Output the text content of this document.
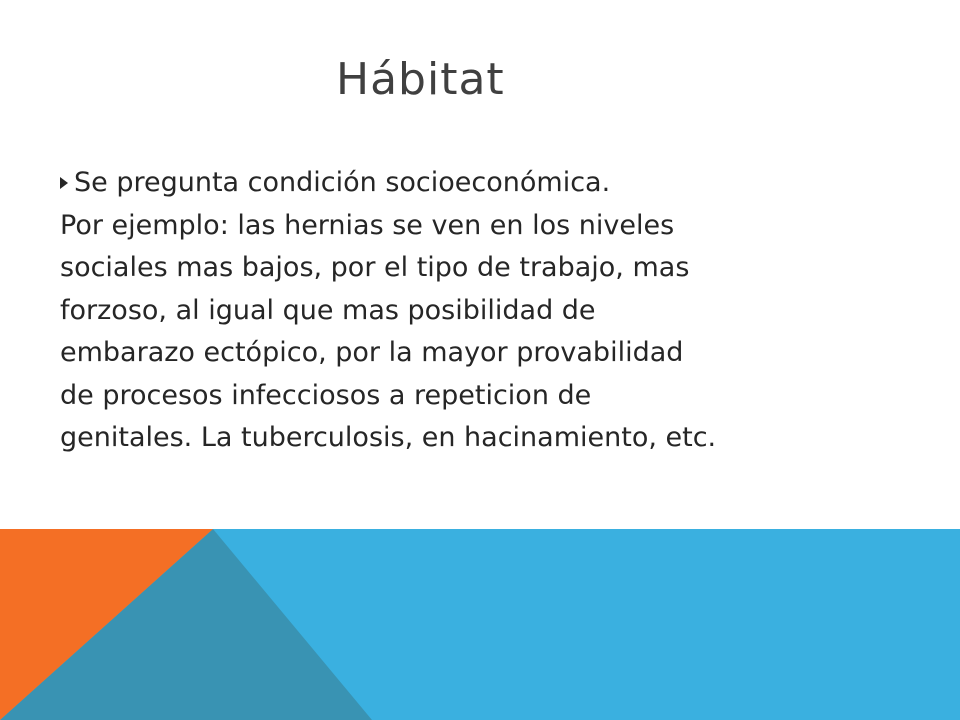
Hábitat
Se pregunta condición socioeconómica.
Por ejemplo: las hernias se ven en los niveles
sociales mas bajos, por el tipo de trabajo, mas
forzoso, al igual que mas posibilidad de
embarazo ectópico, por la mayor provabilidad
de procesos infecciosos a repeticion de
genitales. La tuberculosis, en hacinamiento, etc.
